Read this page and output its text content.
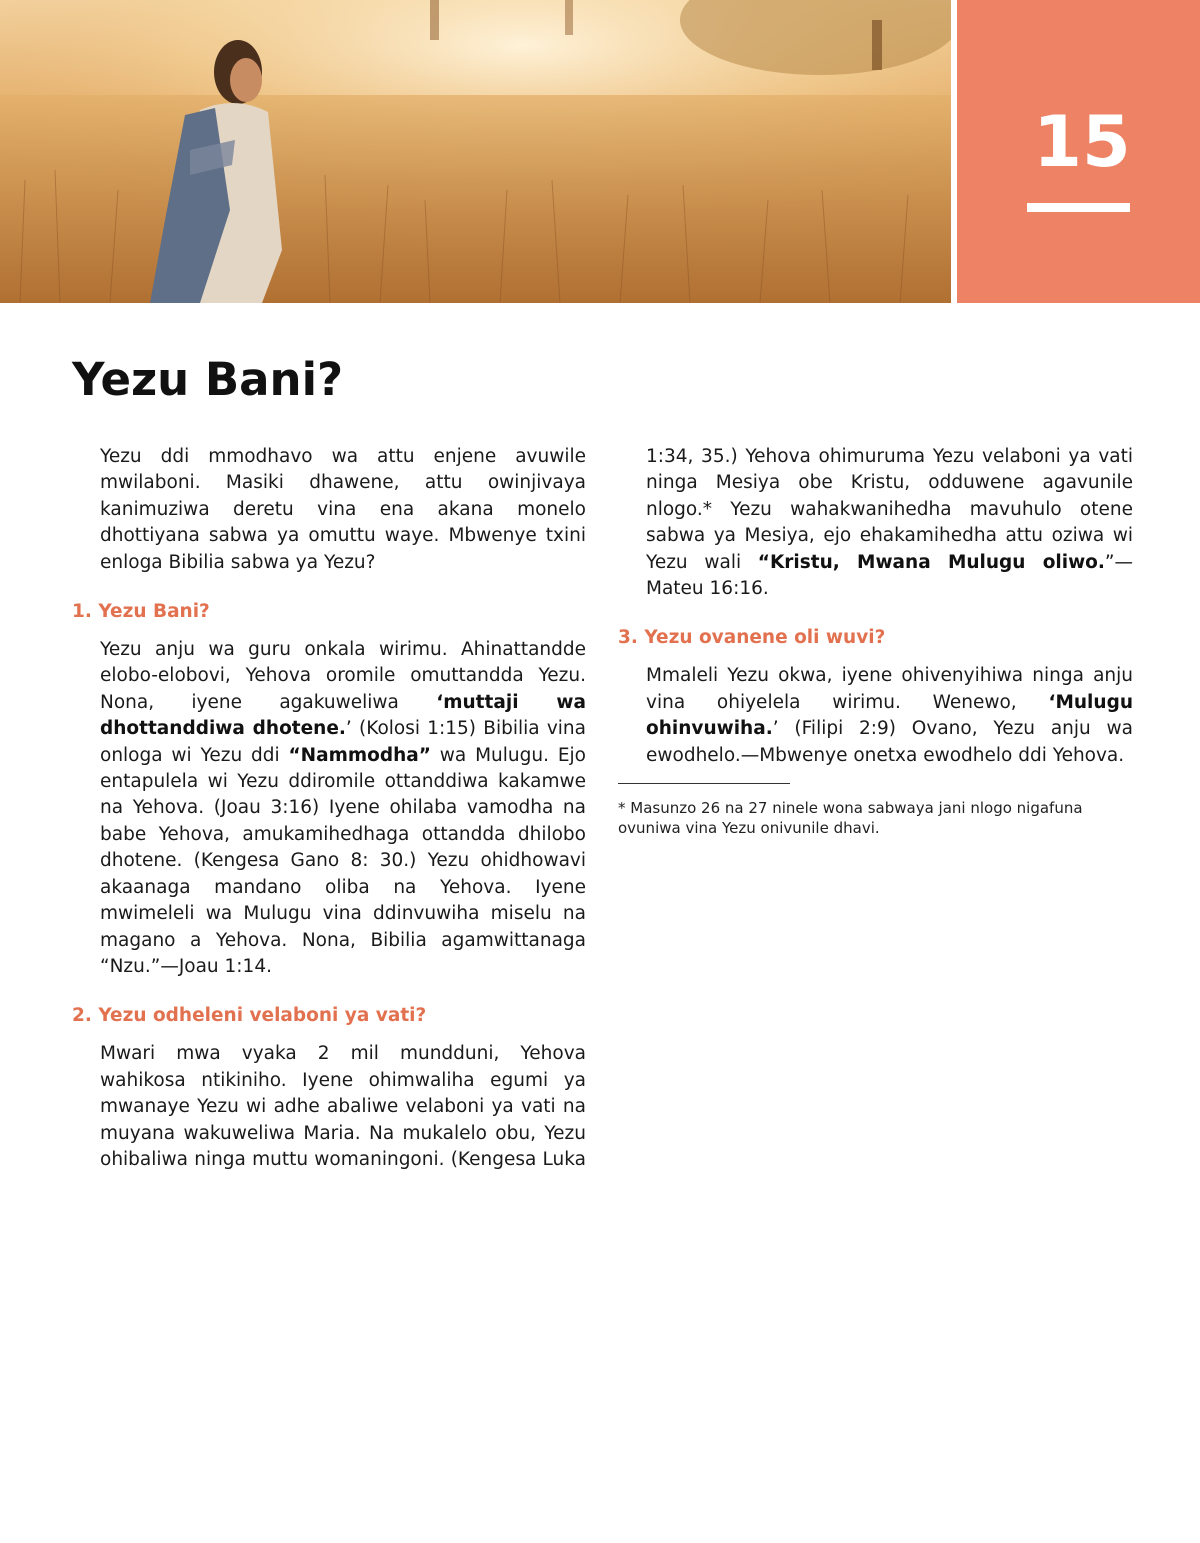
15
Yezu Bani?

Yezu ddi mmodhavo wa attu enjene avuwile mwilaboni. Masiki dhawene, attu owinjivaya kanimuziwa deretu vina ena akana monelo dhottiyana sabwa ya omuttu waye. Mbwenye txini enloga Bibilia sabwa ya Yezu?

1. Yezu Bani?

Yezu anju wa guru onkala wirimu. Ahinattandde elobo-elobovi, Yehova oromile omuttandda Yezu. Nona, iyene agakuweliwa ‘muttaji wa dhottanddiwa dhotene.’ (Kolosi 1:15) Bibilia vina onloga wi Yezu ddi “Nammodha” wa Mulugu. Ejo entapulela wi Yezu ddiromile ottanddiwa kakamwe na Yehova. (Joau 3:16) Iyene ohilaba vamodha na babe Yehova, amukamihedhaga ottandda dhilobo dhotene. (Kengesa Gano 8: 30.) Yezu ohidhowavi akaanaga mandano oliba na Yehova. Iyene mwimeleli wa Mulugu vina ddinvuwiha miselu na magano a Yehova. Nona, Bibilia agamwittanaga “Nzu.”—Joau 1:14.

2. Yezu odheleni velaboni ya vati?

Mwari mwa vyaka 2 mil mundduni, Yehova wahikosa ntikiniho. Iyene ohimwaliha egumi ya mwanaye Yezu wi adhe abaliwe velaboni ya vati na muyana wakuweliwa Maria. Na mukalelo obu, Yezu ohibaliwa ninga muttu womaningoni. (Kengesa Luka

1:34, 35.) Yehova ohimuruma Yezu velaboni ya vati ninga Mesiya obe Kristu, odduwene agavunile nlogo.* Yezu wahakwanihedha mavuhulo otene sabwa ya Mesiya, ejo ehakamihedha attu oziwa wi Yezu wali “Kristu, Mwana Mulugu oliwo.”—Mateu 16:16.

3. Yezu ovanene oli wuvi?

Mmaleli Yezu okwa, iyene ohivenyihiwa ninga anju vina ohiyelela wirimu. Wenewo, ‘Mulugu ohinvuwiha.’ (Filipi 2:9) Ovano, Yezu anju wa ewodhelo.—Mbwenye onetxa ewodhelo ddi Yehova.

* Masunzo 26 na 27 ninele wona sabwaya jani nlogo nigafuna ovuniwa vina Yezu onivunile dhavi.
